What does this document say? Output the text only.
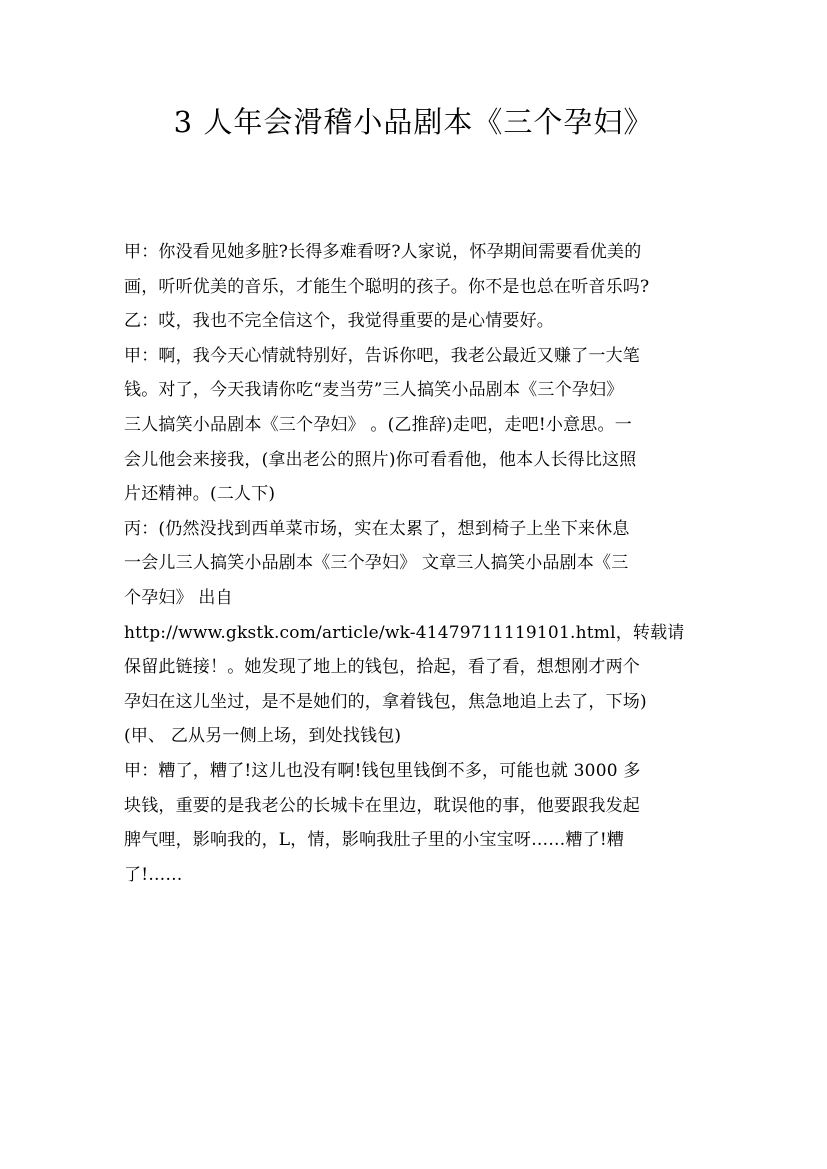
3 人年会滑稽小品剧本《三个孕妇》
甲：你没看见她多脏?长得多难看呀?人家说，怀孕期间需要看优美的
画，听听优美的音乐，才能生个聪明的孩子。你不是也总在听音乐吗?
乙：哎，我也不完全信这个，我觉得重要的是心情要好。
甲：啊，我今天心情就特别好，告诉你吧，我老公最近又赚了一大笔
钱。对了，今天我请你吃“麦当劳”三人搞笑小品剧本《三个孕妇》
三人搞笑小品剧本《三个孕妇》 。(乙推辞)走吧，走吧!小意思。一
会儿他会来接我，(拿出老公的照片)你可看看他，他本人长得比这照
片还精神。(二人下)
丙：(仍然没找到西单菜市场，实在太累了，想到椅子上坐下来休息
一会儿三人搞笑小品剧本《三个孕妇》 文章三人搞笑小品剧本《三
个孕妇》 出自
http://www.gkstk.com/article/wk-41479711119101.html，转载请
保留此链接！。她发现了地上的钱包，拾起，看了看，想想刚才两个
孕妇在这儿坐过，是不是她们的，拿着钱包，焦急地追上去了，下场)
(甲、 乙从另一侧上场，到处找钱包)
甲：糟了，糟了!这儿也没有啊!钱包里钱倒不多，可能也就 3000 多
块钱，重要的是我老公的长城卡在里边，耽误他的事，他要跟我发起
脾气哩，影响我的，L，情，影响我肚子里的小宝宝呀……糟了!糟
了!……
